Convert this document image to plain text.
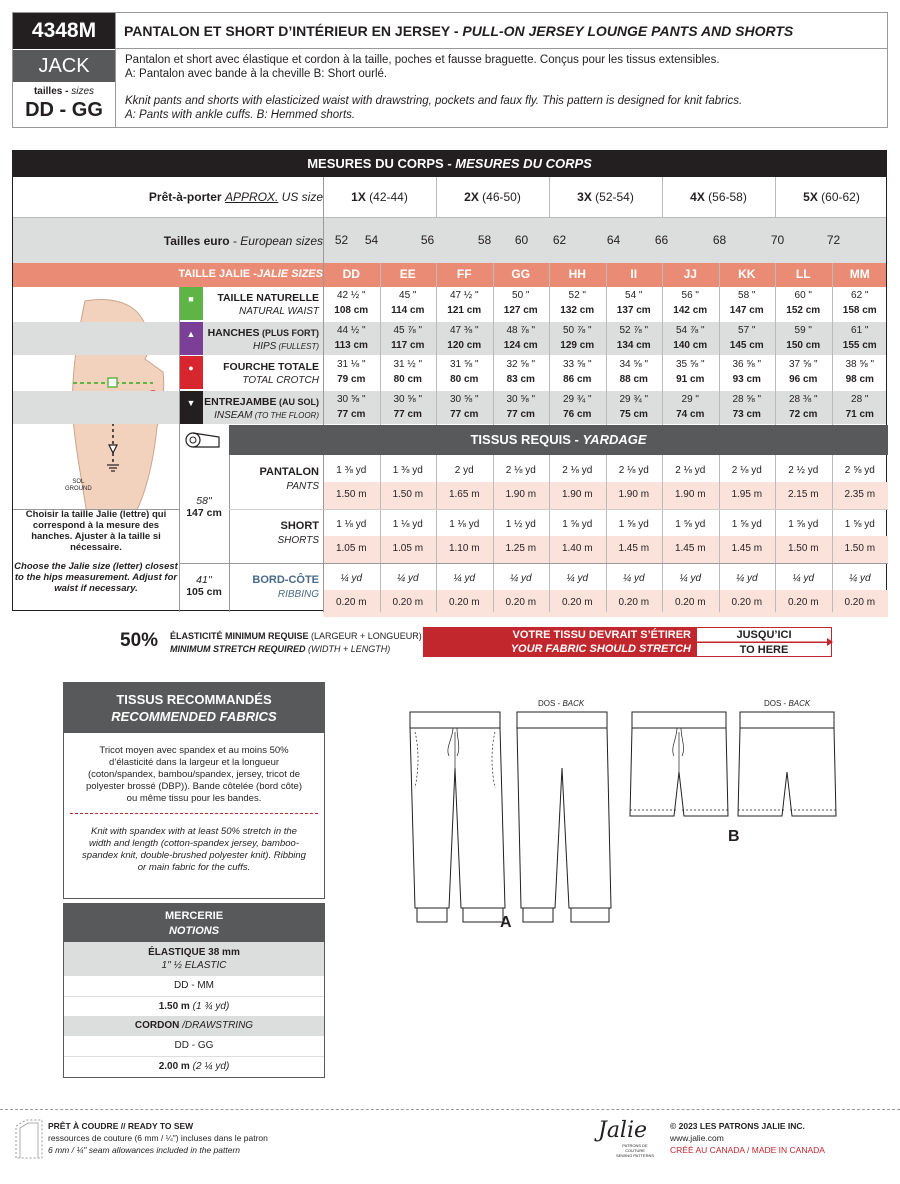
4348M
JACK
tailles - sizes
DD - GG
PANTALON ET SHORT D’INTÉRIEUR EN JERSEY - PULL-ON JERSEY LOUNGE PANTS AND SHORTS
Pantalon et short avec élastique et cordon à la taille, poches et fausse braguette. Conçus pour les tissus extensibles.
A: Pantalon avec bande à la cheville B: Short ourlé.
Kknit pants and shorts with elasticized waist with drawstring, pockets and faux fly. This pattern is designed for knit fabrics.
A: Pants with ankle cuffs. B: Hemmed shorts.
MESURES DU CORPS - MESURES DU CORPS
Prêt-à-porter APPROX. US size	1X (42-44)	2X (46-50)	3X (52-54)	4X (56-58)	5X (60-62)
Tailles euro - European sizes 52	54	56	58	60	62	64	66	68	70	72
TAILLE JALIE -JALIE SIZES	DD	EE	FF	GG	HH	II	JJ	KK	LL	MM
SOL
GROUND
■	TAILLE NATURELLE
NATURAL WAIST
42 ½ "	45 "	47 ½ "	50 "	52 "	54 "	56 "	58 "	60 "	62 "
108 cm	114 cm	121 cm	127 cm	132 cm	137 cm	142 cm	147 cm	152 cm	158 cm
▲	HANCHES (PLUS FORT)
HIPS (FULLEST)
44 ½ "	45 ⅞ "	47 ⅜ "	48 ⅞ "	50 ⅞ "	52 ⅞ "	54 ⅞ "	57 "	59 "	61 "
113 cm	117 cm	120 cm	124 cm	129 cm	134 cm	140 cm	145 cm	150 cm	155 cm
●	FOURCHE TOTALE
TOTAL CROTCH
31 ⅛ "	31 ½ "	31 ⅝ "	32 ⅝ "	33 ⅝ "	34 ⅝ "	35 ⅝ "	36 ⅝ "	37 ⅝ "	38 ⅝ "
79 cm	80 cm	80 cm	83 cm	86 cm	88 cm	91 cm	93 cm	96 cm	98 cm
▼ ENTREJAMBE (AU SOL)
INSEAM (TO THE FLOOR)
30 ⅝ "	30 ⅝ "	30 ⅝ "	30 ⅝ "	29 ¾ "	29 ¾ "	29 "	28 ⅝ "	28 ⅜ "	28 "
77 cm	77 cm	77 cm	77 cm	76 cm	75 cm	74 cm	73 cm	72 cm	71 cm
TISSUS REQUIS - YARDAGE
PANTALON
PANTS
1 ⅜ yd	1 ⅜ yd	2 yd	2 ⅛ yd	2 ⅛ yd	2 ⅛ yd	2 ⅛ yd	2 ⅛ yd	2 ½ yd	2 ⅝ yd
1.50 m	1.50 m	1.65 m	1.90 m	1.90 m	1.90 m	1.90 m	1.95 m	2.15 m	2.35 m
SHORT
SHORTS
1 ⅛ yd	1 ⅛ yd	1 ⅛ yd	1 ½ yd	1 ⅝ yd	1 ⅝ yd	1 ⅝ yd	1 ⅝ yd	1 ⅝ yd	1 ⅝ yd
1.05 m	1.05 m	1.10 m	1.25 m	1.40 m	1.45 m	1.45 m	1.45 m	1.50 m	1.50 m
BORD-CÔTE
RIBBING
¼ yd	¼ yd	¼ yd	¼ yd	¼ yd	¼ yd	¼ yd	¼ yd	¼ yd	¼ yd
0.20 m	0.20 m	0.20 m	0.20 m	0.20 m	0.20 m	0.20 m	0.20 m	0.20 m	0.20 m
58"
147 cm
41''
105 cm
Choisir la taille Jalie (lettre) qui correspond à la mesure des hanches. Ajuster à la taille si nécessaire.
Choose the Jalie size (letter) closest to the hips measurement. Adjust for waist if necessary.
50% ÉLASTICITÉ MINIMUM REQUISE (LARGEUR + LONGUEUR)
MINIMUM STRETCH REQUIRED (WIDTH + LENGTH)
VOTRE TISSU DEVRAIT S’ÉTIRER
YOUR FABRIC SHOULD STRETCH
JUSQU’ICI
TO HERE
TISSUS RECOMMANDÉS
RECOMMENDED FABRICS
Tricot moyen avec spandex et au moins 50% d’élasticité dans la largeur et la longueur (coton/spandex, bambou/spandex, jersey, tricot de polyester brossé (DBP)). Bande côtelée (bord côte) ou même tissu pour les bandes.
Knit with spandex with at least 50% stretch in the width and length (cotton-spandex jersey, bamboo-spandex knit, double-brushed polyester knit). Ribbing or main fabric for the cuffs.
MERCERIE
NOTIONS
ÉLASTIQUE 38 mm
1'' ½ ELASTIC
DD - MM
1.50 m (1 ¾ yd)
CORDON /DRAWSTRING
DD - GG
2.00 m (2 ¼ yd)
DOS - BACK	DOS - BACK
A
B
PRÊT À COUDRE // READY TO SEW
ressources de couture (6 mm / ¼") incluses dans le patron
6 mm / ¼" seam allowances included in the pattern
Jalie
PATRONS DE COUTURE
SEWING PATTERNS
© 2023 LES PATRONS JALIE INC.
www.jalie.com
CRÉÉ AU CANADA / MADE IN CANADA
